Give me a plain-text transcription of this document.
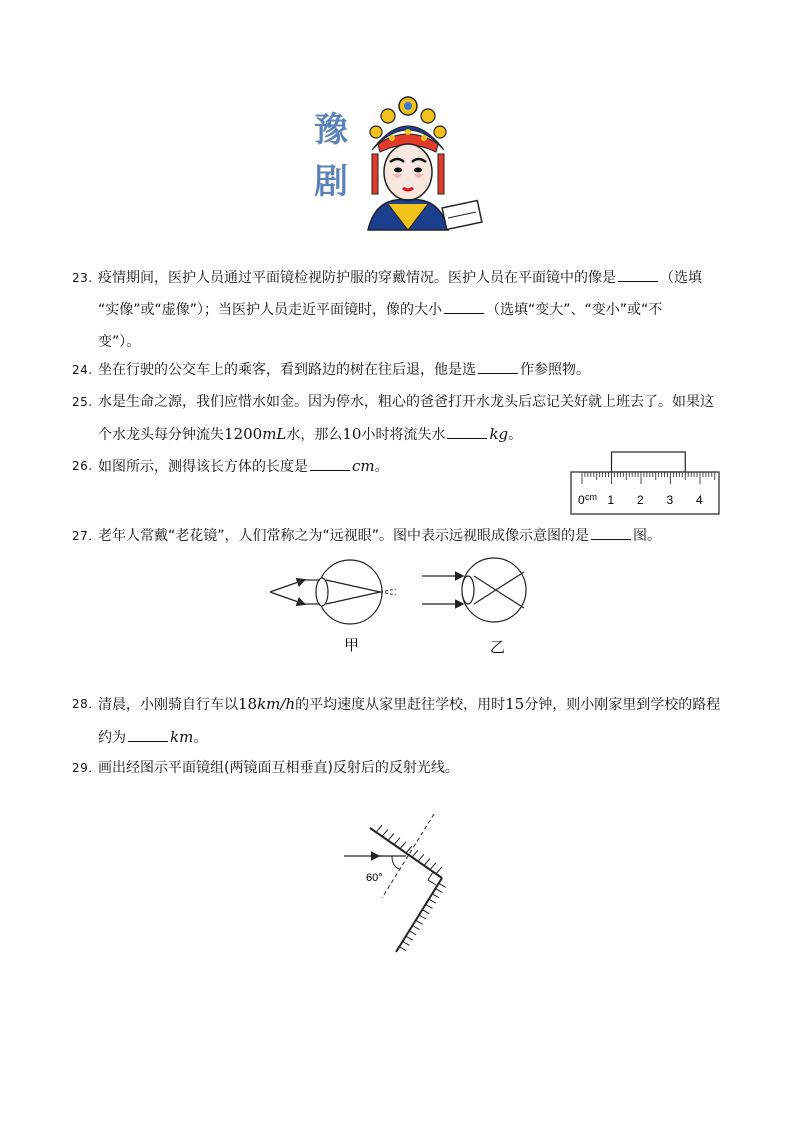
豫
剧
23. 疫情期间，医护人员通过平面镜检视防护服的穿戴情况。医护人员在平面镜中的像是	（选填
“实像”或“虚像”）；当医护人员走近平面镜时，像的大小	（选填“变大”、“变小”或“不
变”）。
24. 坐在行驶的公交车上的乘客，看到路边的树在往后退，他是选	作参照物。
25. 水是生命之源，我们应惜水如金。因为停水，粗心的爸爸打开水龙头后忘记关好就上班去了。如果这
个水龙头每分钟流失1200mL水，那么10小时将流失水	kg。
26. 如图所示，测得该长方体的长度是	cm。
0 1 2 3 4
cm
27. 老年人常戴“老花镜”，人们常称之为“远视眼”。图中表示远视眼成像示意图的是	图。
甲	乙
28. 清晨，小刚骑自行车以18km/h的平均速度从家里赶往学校，用时15分钟，则小刚家里到学校的路程
约为	km。
29. 画出经图示平面镜组(两镜面互相垂直)反射后的反射光线。
60°
